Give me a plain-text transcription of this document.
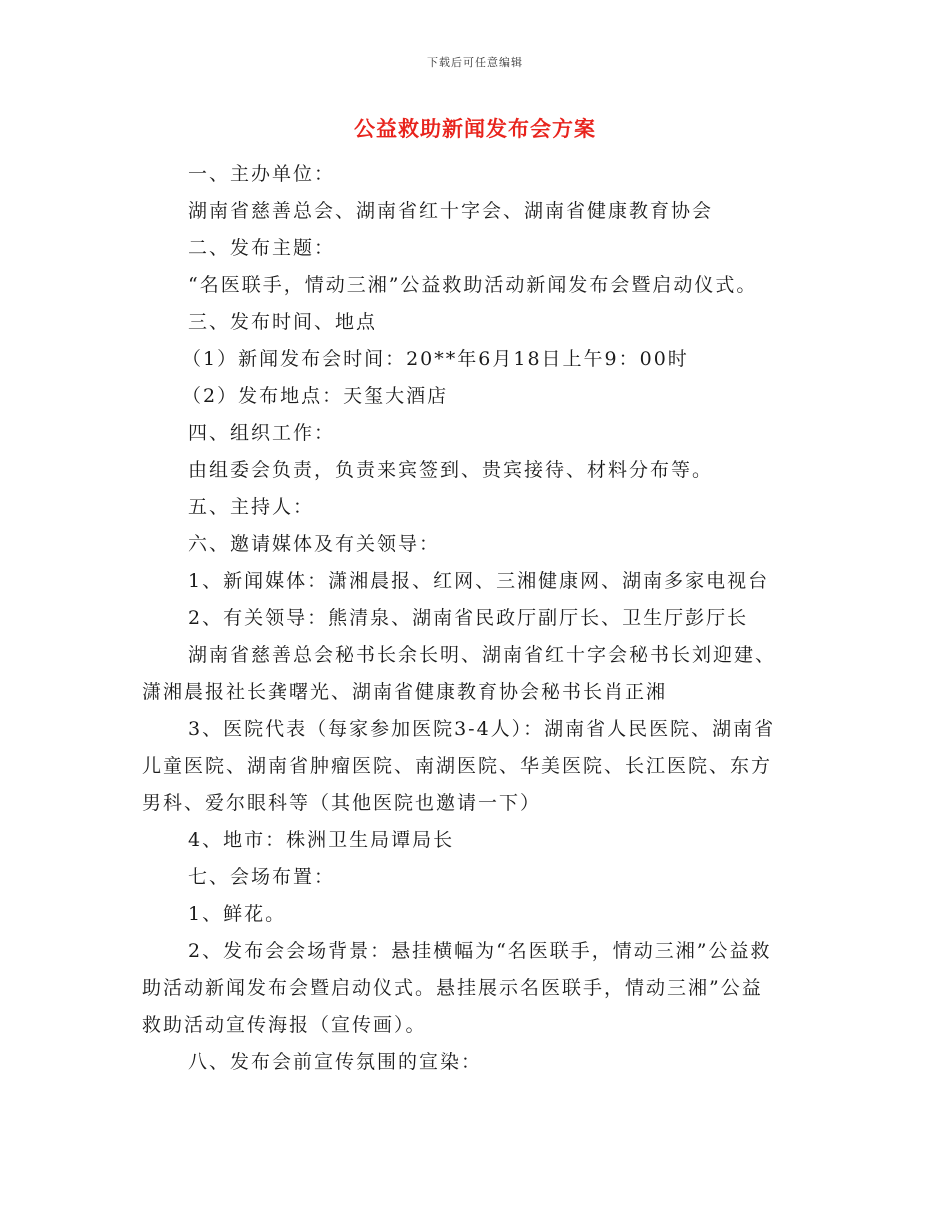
下载后可任意编辑
公益救助新闻发布会方案
一、主办单位：
湖南省慈善总会、湖南省红十字会、湖南省健康教育协会
二、发布主题：
“名医联手，情动三湘”公益救助活动新闻发布会暨启动仪式。
三、发布时间、地点
（1）新闻发布会时间：20**年6月18日上午9：00时
（2）发布地点：天玺大酒店
四、组织工作：
由组委会负责，负责来宾签到、贵宾接待、材料分布等。
五、主持人：
六、邀请媒体及有关领导：
1、新闻媒体：潇湘晨报、红网、三湘健康网、湖南多家电视台
2、有关领导：熊清泉、湖南省民政厅副厅长、卫生厅彭厅长
湖南省慈善总会秘书长余长明、湖南省红十字会秘书长刘迎建、
潇湘晨报社长龚曙光、湖南省健康教育协会秘书长肖正湘
3、医院代表（每家参加医院3-4人）：湖南省人民医院、湖南省
儿童医院、湖南省肿瘤医院、南湖医院、华美医院、长江医院、东方
男科、爱尔眼科等（其他医院也邀请一下）
4、地市：株洲卫生局谭局长
七、会场布置：
1、鲜花。
2、发布会会场背景：悬挂横幅为“名医联手，情动三湘”公益救
助活动新闻发布会暨启动仪式。悬挂展示名医联手，情动三湘”公益
救助活动宣传海报（宣传画）。
八、发布会前宣传氛围的宣染：
